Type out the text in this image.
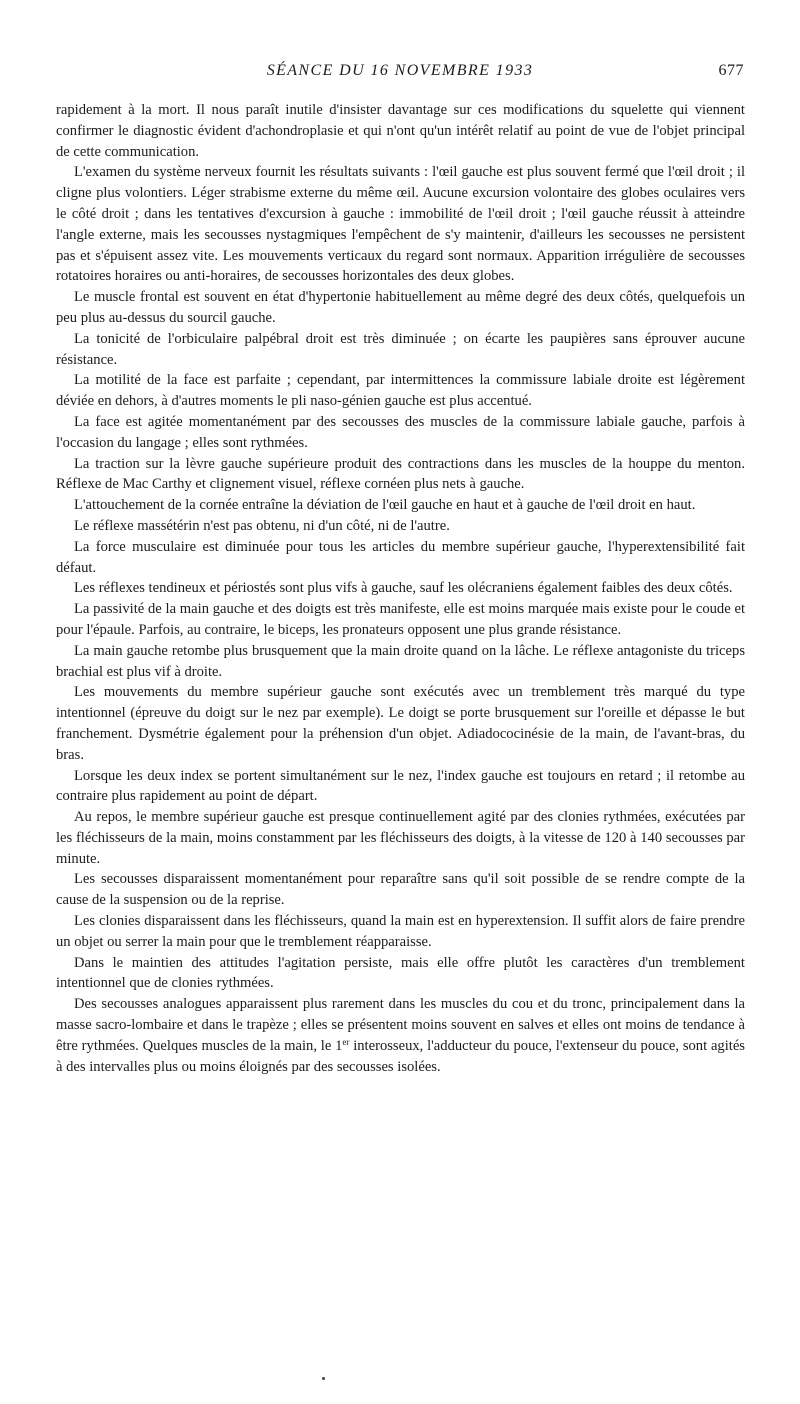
SÉANCE DU 16 NOVEMBRE 1933	677

rapidement à la mort. Il nous paraît inutile d'insister davantage sur ces modifications du squelette qui viennent confirmer le diagnostic évident d'achondroplasie et qui n'ont qu'un intérêt relatif au point de vue de l'objet principal de cette communication.

L'examen du système nerveux fournit les résultats suivants : l'œil gauche est plus souvent fermé que l'œil droit ; il cligne plus volontiers. Léger strabisme externe du même œil. Aucune excursion volontaire des globes oculaires vers le côté droit ; dans les tentatives d'excursion à gauche : immobilité de l'œil droit ; l'œil gauche réussit à atteindre l'angle externe, mais les secousses nystagmiques l'empêchent de s'y maintenir, d'ailleurs les secousses ne persistent pas et s'épuisent assez vite. Les mouvements verticaux du regard sont normaux. Apparition irrégulière de secousses rotatoires horaires ou anti-horaires, de secousses horizontales des deux globes.

Le muscle frontal est souvent en état d'hypertonie habituellement au même degré des deux côtés, quelquefois un peu plus au-dessus du sourcil gauche.

La tonicité de l'orbiculaire palpébral droit est très diminuée ; on écarte les paupières sans éprouver aucune résistance.

La motilité de la face est parfaite ; cependant, par intermittences la commissure labiale droite est légèrement déviée en dehors, à d'autres moments le pli naso-génien gauche est plus accentué.

La face est agitée momentanément par des secousses des muscles de la commissure labiale gauche, parfois à l'occasion du langage ; elles sont rythmées.

La traction sur la lèvre gauche supérieure produit des contractions dans les muscles de la houppe du menton. Réflexe de Mac Carthy et clignement visuel, réflexe cornéen plus nets à gauche.

L'attouchement de la cornée entraîne la déviation de l'œil gauche en haut et à gauche de l'œil droit en haut.

Le réflexe massétérin n'est pas obtenu, ni d'un côté, ni de l'autre.

La force musculaire est diminuée pour tous les articles du membre supérieur gauche, l'hyperextensibilité fait défaut.

Les réflexes tendineux et périostés sont plus vifs à gauche, sauf les olécraniens également faibles des deux côtés.

La passivité de la main gauche et des doigts est très manifeste, elle est moins marquée mais existe pour le coude et pour l'épaule. Parfois, au contraire, le biceps, les pronateurs opposent une plus grande résistance.

La main gauche retombe plus brusquement que la main droite quand on la lâche. Le réflexe antagoniste du triceps brachial est plus vif à droite.

Les mouvements du membre supérieur gauche sont exécutés avec un tremblement très marqué du type intentionnel (épreuve du doigt sur le nez par exemple). Le doigt se porte brusquement sur l'oreille et dépasse le but franchement. Dysmétrie également pour la préhension d'un objet. Adiadococinésie de la main, de l'avant-bras, du bras.

Lorsque les deux index se portent simultanément sur le nez, l'index gauche est toujours en retard ; il retombe au contraire plus rapidement au point de départ.

Au repos, le membre supérieur gauche est presque continuellement agité par des clonies rythmées, exécutées par les fléchisseurs de la main, moins constamment par les fléchisseurs des doigts, à la vitesse de 120 à 140 secousses par minute.

Les secousses disparaissent momentanément pour reparaître sans qu'il soit possible de se rendre compte de la cause de la suspension ou de la reprise.

Les clonies disparaissent dans les fléchisseurs, quand la main est en hyperextension. Il suffit alors de faire prendre un objet ou serrer la main pour que le tremblement réapparaisse.

Dans le maintien des attitudes l'agitation persiste, mais elle offre plutôt les caractères d'un tremblement intentionnel que de clonies rythmées.

Des secousses analogues apparaissent plus rarement dans les muscles du cou et du tronc, principalement dans la masse sacro-lombaire et dans le trapèze ; elles se présentent moins souvent en salves et elles ont moins de tendance à être rythmées. Quelques muscles de la main, le 1er interosseux, l'adducteur du pouce, l'extenseur du pouce, sont agités à des intervalles plus ou moins éloignés par des secousses isolées.
